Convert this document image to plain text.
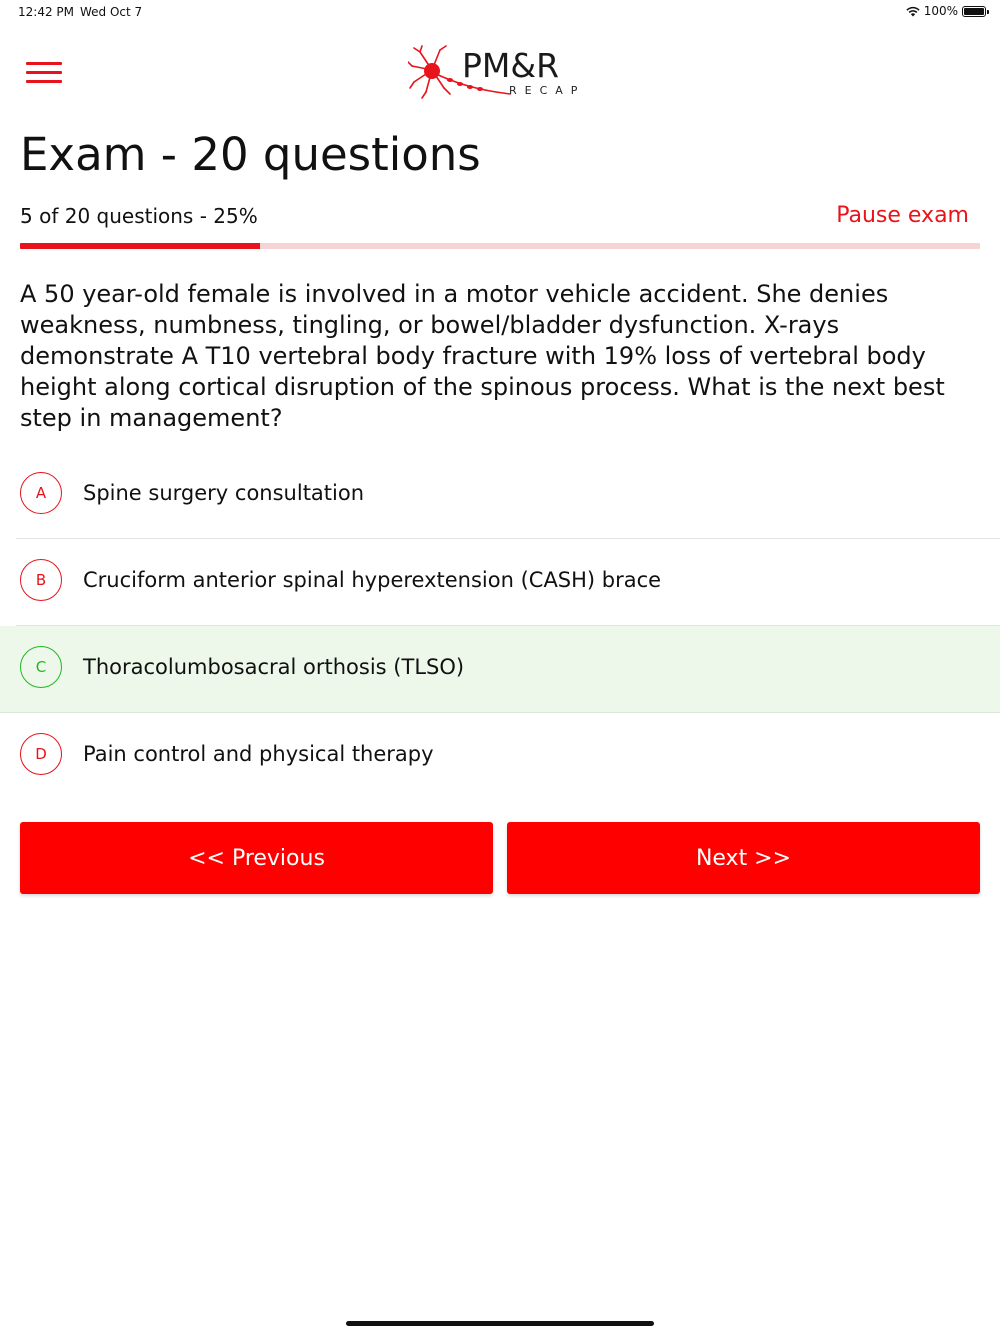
12:42 PM Wed Oct 7	100%
PM&R
RECAP
Exam - 20 questions
5 of 20 questions - 25%	Pause exam

A 50 year-old female is involved in a motor vehicle accident. She denies weakness, numbness, tingling, or bowel/bladder dysfunction. X-rays demonstrate A T10 vertebral body fracture with 19% loss of vertebral body height along cortical disruption of the spinous process. What is the next best step in management?

A	Spine surgery consultation
B	Cruciform anterior spinal hyperextension (CASH) brace
C	Thoracolumbosacral orthosis (TLSO)
D	Pain control and physical therapy
<< Previous	Next >>
